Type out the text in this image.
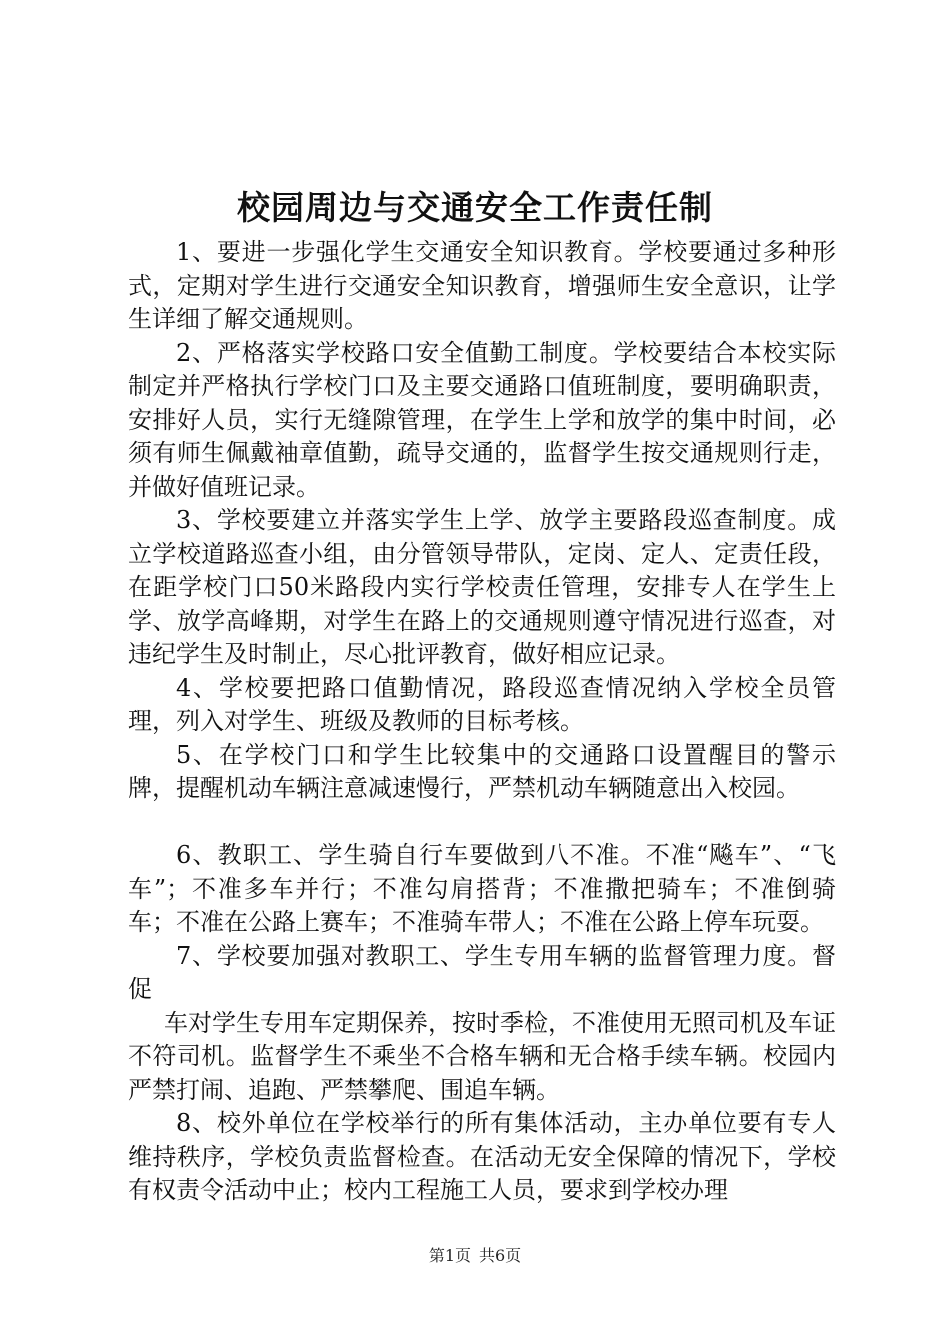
校园周边与交通安全工作责任制

1、要进一步强化学生交通安全知识教育。学校要通过多种形式，定期对学生进行交通安全知识教育，增强师生安全意识，让学生详细了解交通规则。

2、严格落实学校路口安全值勤工制度。学校要结合本校实际制定并严格执行学校门口及主要交通路口值班制度，要明确职责，安排好人员，实行无缝隙管理，在学生上学和放学的集中时间，必须有师生佩戴袖章值勤，疏导交通的，监督学生按交通规则行走，并做好值班记录。

3、学校要建立并落实学生上学、放学主要路段巡查制度。成立学校道路巡查小组，由分管领导带队，定岗、定人、定责任段，在距学校门口50米路段内实行学校责任管理，安排专人在学生上学、放学高峰期，对学生在路上的交通规则遵守情况进行巡查，对违纪学生及时制止，尽心批评教育，做好相应记录。

4、学校要把路口值勤情况，路段巡查情况纳入学校全员管理，列入对学生、班级及教师的目标考核。

5、在学校门口和学生比较集中的交通路口设置醒目的警示牌，提醒机动车辆注意减速慢行，严禁机动车辆随意出入校园。

6、教职工、学生骑自行车要做到八不准。不准“飚车”、“飞车”；不准多车并行；不准勾肩搭背；不准撒把骑车；不准倒骑车；不准在公路上赛车；不准骑车带人；不准在公路上停车玩耍。

7、学校要加强对教职工、学生专用车辆的监督管理力度。督促

车对学生专用车定期保养，按时季检，不准使用无照司机及车证不符司机。监督学生不乘坐不合格车辆和无合格手续车辆。校园内严禁打闹、追跑、严禁攀爬、围追车辆。

8、校外单位在学校举行的所有集体活动，主办单位要有专人维持秩序，学校负责监督检查。在活动无安全保障的情况下，学校有权责令活动中止；校内工程施工人员，要求到学校办理

第1页 共6页
